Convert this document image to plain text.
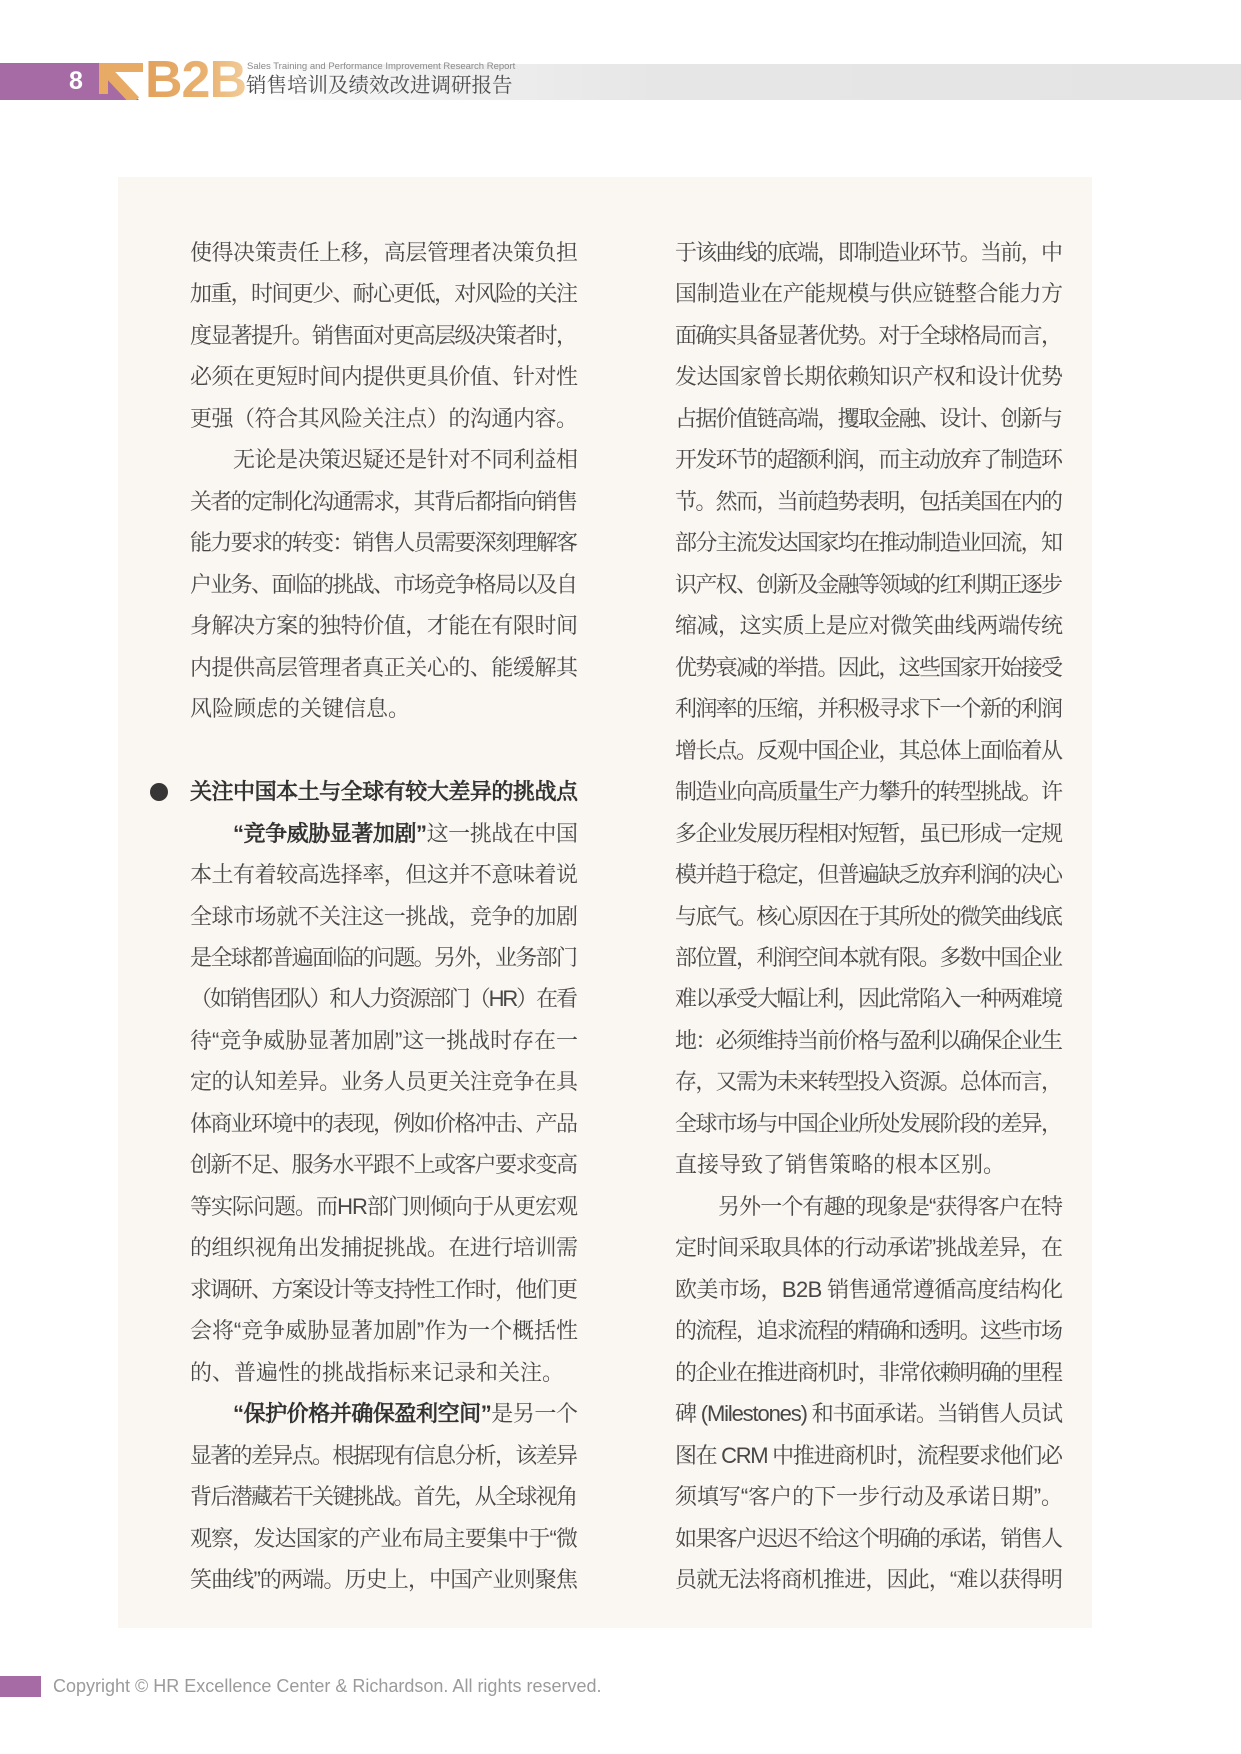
8 B2B Sales Training and Performance Improvement Research Report
销售培训及绩效改进调研报告
使得决策责任上移，高层管理者决策负担
加重，时间更少、耐心更低，对风险的关注
度显著提升。销售面对更高层级决策者时，
必须在更短时间内提供更具价值、针对性
更强（符合其风险关注点）的沟通内容。
无论是决策迟疑还是针对不同利益相
关者的定制化沟通需求，其背后都指向销售
能力要求的转变：销售人员需要深刻理解客
户业务、面临的挑战、市场竞争格局以及自
身解决方案的独特价值，才能在有限时间
内提供高层管理者真正关心的、能缓解其
风险顾虑的关键信息。
关注中国本土与全球有较大差异的挑战点
“竞争威胁显著加剧”这一挑战在中国
本土有着较高选择率，但这并不意味着说
全球市场就不关注这一挑战，竞争的加剧
是全球都普遍面临的问题。另外，业务部门
（如销售团队）和人力资源部门（HR）在看
待“竞争威胁显著加剧”这一挑战时存在一
定的认知差异。业务人员更关注竞争在具
体商业环境中的表现，例如价格冲击、产品
创新不足、服务水平跟不上或客户要求变高
等实际问题。而HR部门则倾向于从更宏观
的组织视角出发捕捉挑战。在进行培训需
求调研、方案设计等支持性工作时，他们更
会将“竞争威胁显著加剧”作为一个概括性
的、普遍性的挑战指标来记录和关注。
“保护价格并确保盈利空间”是另一个
显著的差异点。根据现有信息分析，该差异
背后潜藏若干关键挑战。首先，从全球视角
观察，发达国家的产业布局主要集中于“微
笑曲线”的两端。历史上，中国产业则聚焦
于该曲线的底端，即制造业环节。当前，中
国制造业在产能规模与供应链整合能力方
面确实具备显著优势。对于全球格局而言，
发达国家曾长期依赖知识产权和设计优势
占据价值链高端，攫取金融、设计、创新与
开发环节的超额利润，而主动放弃了制造环
节。然而，当前趋势表明，包括美国在内的
部分主流发达国家均在推动制造业回流，知
识产权、创新及金融等领域的红利期正逐步
缩减，这实质上是应对微笑曲线两端传统
优势衰减的举措。因此，这些国家开始接受
利润率的压缩，并积极寻求下一个新的利润
增长点。反观中国企业，其总体上面临着从
制造业向高质量生产力攀升的转型挑战。许
多企业发展历程相对短暂，虽已形成一定规
模并趋于稳定，但普遍缺乏放弃利润的决心
与底气。核心原因在于其所处的微笑曲线底
部位置，利润空间本就有限。多数中国企业
难以承受大幅让利，因此常陷入一种两难境
地：必须维持当前价格与盈利以确保企业生
存，又需为未来转型投入资源。总体而言，
全球市场与中国企业所处发展阶段的差异，
直接导致了销售策略的根本区别。
另外一个有趣的现象是“获得客户在特
定时间采取具体的行动承诺”挑战差异，在
欧美市场，B2B 销售通常遵循高度结构化
的流程，追求流程的精确和透明。这些市场
的企业在推进商机时，非常依赖明确的里程
碑 (Milestones) 和书面承诺。当销售人员试
图在 CRM 中推进商机时，流程要求他们必
须填写“客户的下一步行动及承诺日期”。
如果客户迟迟不给这个明确的承诺，销售人
员就无法将商机推进，因此，“难以获得明
Copyright © HR Excellence Center & Richardson. All rights reserved.
